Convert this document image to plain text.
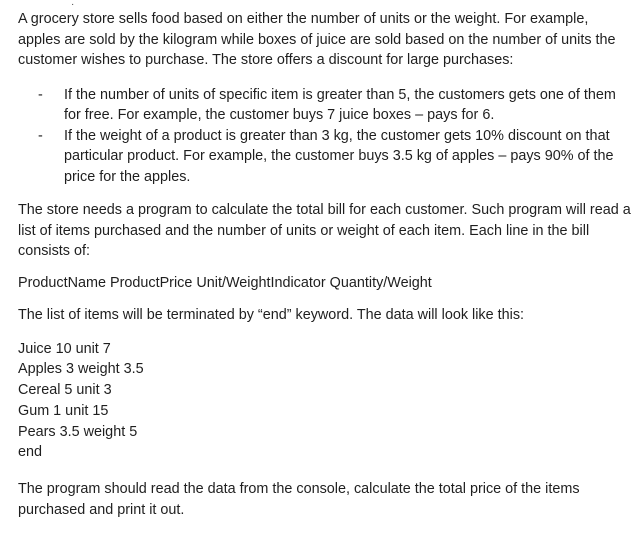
·

A grocery store sells food based on either the number of units or the weight. For example, apples are sold by the kilogram while boxes of juice are sold based on the number of units the customer wishes to purchase. The store offers a discount for large purchases:

- If the number of units of specific item is greater than 5, the customers gets one of them for free. For example, the customer buys 7 juice boxes – pays for 6.
- If the weight of a product is greater than 3 kg, the customer gets 10% discount on that particular product. For example, the customer buys 3.5 kg of apples – pays 90% of the price for the apples.

The store needs a program to calculate the total bill for each customer. Such program will read a list of items purchased and the number of units or weight of each item. Each line in the bill consists of:

ProductName ProductPrice Unit/WeightIndicator Quantity/Weight

The list of items will be terminated by “end” keyword. The data will look like this:

Juice 10 unit 7
Apples 3 weight 3.5
Cereal 5 unit 3
Gum 1 unit 15
Pears 3.5 weight 5
end

The program should read the data from the console, calculate the total price of the items purchased and print it out.
